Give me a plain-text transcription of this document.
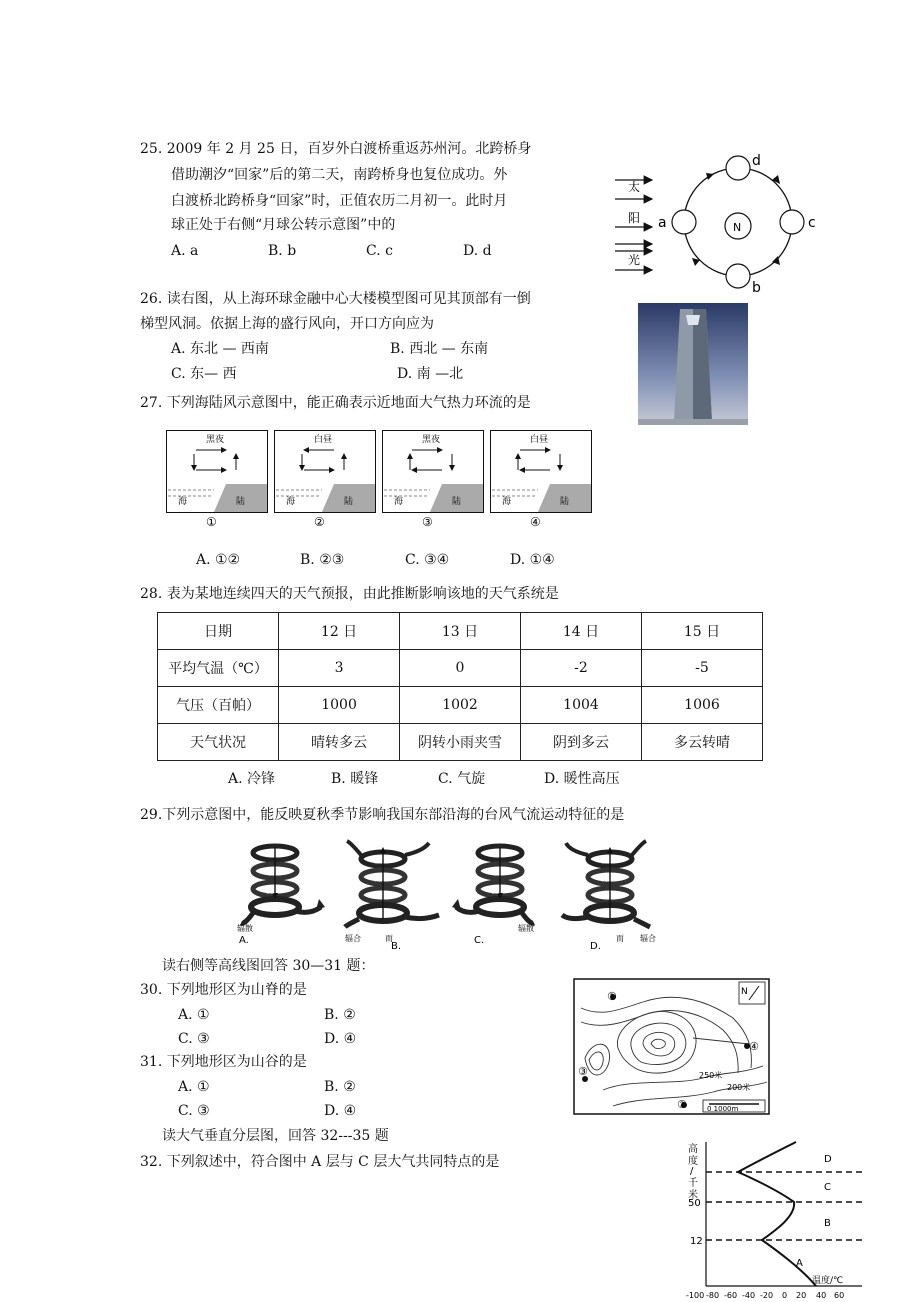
25. 2009 年 2 月 25 日，百岁外白渡桥重返苏州河。北跨桥身
借助潮汐“回家”后的第二天，南跨桥身也复位成功。外
白渡桥北跨桥身“回家”时，正值农历二月初一。此时月
球正处于右侧“月球公转示意图”中的
A. a	B. b	C. c	D. d
太
阳
光
N
a
b
c
d
26. 读右图，从上海环球金融中心大楼模型图可见其顶部有一倒
梯型风洞。依据上海的盛行风向，开口方向应为
A. 东北 — 西南	B. 西北 — 东南
C. 东— 西	D. 南 —北
27. 下列海陆风示意图中，能正确表示近地面大气热力环流的是
黑夜	白昼	黑夜	白昼
海	海	海	海
陆	陆	陆	陆
①	②	③	④
A. ①②	B. ②③	C. ③④	D. ①④
28. 表为某地连续四天的天气预报，由此推断影响该地的天气系统是
日期	12 日	13 日	14 日	15 日
平均气温（℃）	3	0	-2	-5
气压（百帕）	1000	1002	1004	1006
天气状况	晴转多云	阴转小雨夹雪	阴到多云	多云转晴
A. 冷锋	B. 暖锋	C. 气旋	D. 暖性高压
29.下列示意图中，能反映夏秋季节影响我国东部沿海的台风气流运动特征的是
下
沉
辐散
A.
上
升
辐合	而
B.
下
沉
辐散
C.
上
升
辐合
而
D.
读右侧等高线图回答 30—31 题：
30. 下列地形区为山脊的是
A. ①	B. ②
C. ③	D. ④
31. 下列地形区为山谷的是
A. ①	B. ②
C. ③	D. ④
①
②
③
④
250米
200米
N
0 1000m
读大气垂直分层图，回答 32---35 题
32. 下列叙述中，符合图中 A 层与 C 层大气共同特点的是
高
度
/
千
米
50
12
D
C
B
A
温度/℃
-100 -80 -60 -40 -20 0 20 40 60
